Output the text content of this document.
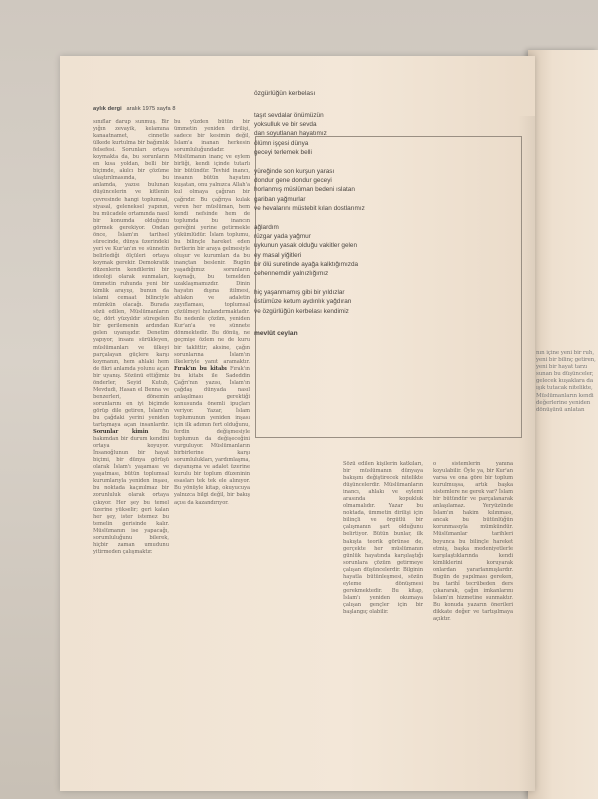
nın içine yeni bir ruh, yeni bir bilinç getiren, yeni bir hayat tarzı sunan bu düşünceler, gelecek kuşaklara da ışık tutacak nitelikte, Müslümanların kendi değerlerine yeniden dönüşünü anlatan
aylık dergi aralık 1975 sayfa 8
sınıflar darup sunmuş. Bir yığın zevayik, kelamına kanaatnamet, cinnetle ülkede kurtulma bir bağımlık felsefesi. Sorunları ortaya koymakta da, bu sorunların en kısa yoldan, belli bir biçimde, akılcı bir çözüme ulaştırılmasında, bu anlamda, yazısı bulunan düşüncelerin ve kitlenin çevresinde hangi toplumsal, siyasal, geleneksel yapının, bu mücadele ortamında nasıl bir konumda olduğunu görmek gerekiyor. Ondan önce, İslam'ın tarihsel sürecinde, dünya üzerindeki yeri ve Kur'an'ın ve sünnetin belirlediği ölçüleri ortaya koymak gerekir. Demokratik düzenlerin kendilerini bir ideoloji olarak sunmaları, ümmetin ruhunda yeni bir kimlik arayışı, bunun da islami cemaat bilinciyle mümkün olacağı. Burada sözü edilen, Müslümanların üç, dört yüzyıldır süregelen bir gerilemenin ardından gelen uyanışıdır. Denetim yapıyor, insanı sürükleyen, müslümanları ve ülkeyi parçalayan güçlere karşı koymanın, hem ahlaki hem de fikri anlamda yolunu açan bir uyanış. Sözünü ettiğimiz önderler, Seyid Kutub, Mevdudi, Hasan el Benna ve benzerleri, dönemin sorunlarını en iyi biçimde görüp dile getiren, İslam'ın bu çağdaki yerini yeniden tartışmaya açan insanlardır. Sorunlar kimin	Bu bakımdan bir durum kendini ortaya koyuyor. İnsanoğlunun bir hayat biçimi, bir dünya görüşü olarak İslam'ı yaşaması ve yaşatması, bütün toplumsal kurumlarıyla yeniden inşası, bu noktada kaçınılmaz bir zorunluluk olarak ortaya çıkıyor. Her şey bu temel üzerine yükselir; geri kalan her şey, ister istemez bu temelin gerisinde kalır. Müslümanın ise yapacağı, sorumluluğunu bilerek, hiçbir zaman umudunu yitirmeden çalışmaktır.
bu yüzden bütün bir ümmetin yeniden dirilişi, sadece bir kesimin değil, İslam'a inanan herkesin sorumluluğundadır. Müslümanın inanç ve eylem birliği, kendi içinde tutarlı bir bütündür. Tevhid inancı, insanın bütün hayatını kuşatan, onu yalnızca Allah'a kul olmaya çağıran bir çağrıdır. Bu çağrıya kulak veren her müslüman, hem kendi nefsinde hem de toplumda bu inancın gereğini yerine getirmekle yükümlüdür. İslam toplumu, bu bilinçle hareket eden fertlerin bir araya gelmesiyle oluşur ve kurumları da bu inançtan beslenir. Bugün yaşadığımız sorunların kaynağı, bu temelden uzaklaşmamızdır. Dinin hayatın dışına itilmesi, ahlakın ve adaletin zayıflaması, toplumsal çözülmeyi hızlandırmaktadır. Bu nedenle çözüm, yeniden Kur'an'a ve sünnete dönmektedir. Bu dönüş, ne geçmişe özlem ne de kuru bir taklittir; aksine, çağın sorunlarına İslam'ın ilkeleriyle yanıt aramaktır. Fırak'ın bu kitabı Fırak'ın bu kitabı ile Sadeddin Çağrı'nın yazısı, İslam'ın çağdaş dünyada nasıl anlaşılması gerektiği konusunda önemli ipuçları veriyor. Yazar, İslam toplumunun yeniden inşası için ilk adımın fert olduğunu, ferdin değişmesiyle toplumun da değişeceğini vurguluyor. Müslümanların birbirlerine karşı sorumlulukları, yardımlaşma, dayanışma ve adalet üzerine kurulu bir toplum düzeninin esasları tek tek ele alınıyor. Bu yönüyle kitap, okuyucuya yalnızca bilgi değil, bir bakış açısı da kazandırıyor.
Sözü edilen kişilerin katkıları, bir müslümanın dünyaya bakışını değiştirecek nitelikte düşüncelerdir. Müslümanların inancı, ahlakı ve eylemi arasında kopukluk olmamalıdır. Yazar bu noktada, ümmetin dirilişi için bilinçli ve örgütlü bir çalışmanın şart olduğunu belirtiyor. Bütün bunlar, ilk bakışta teorik görünse de, gerçekte her müslümanın günlük hayatında karşılaştığı sorunlara çözüm getirmeye çalışan düşüncelerdir. Bilginin hayatla bütünleşmesi, sözün eyleme dönüşmesi gerekmektedir. Bu kitap, İslam'ı yeniden okumaya çalışan gençler için bir başlangıç olabilir.
o sistemlerin yanına koyulabilir. Öyle ya, bir Kur'an varsa ve ona göre bir toplum kurulmuşsa, artık başka sistemlere ne gerek var? İslam bir bütündür ve parçalanarak anlaşılamaz. Yeryüzünde İslam'ın hakim kılınması, ancak bu bütünlüğün korunmasıyla mümkündür. Müslümanlar tarihleri boyunca bu bilinçle hareket etmiş, başka medeniyetlerle karşılaştıklarında kendi kimliklerini koruyarak onlardan yararlanmışlardır. Bugün de yapılması gereken, bu tarihî tecrübeden ders çıkararak, çağın imkanlarını İslam'ın hizmetine sunmaktır. Bu konuda yazarın önerileri dikkate değer ve tartışılmaya açıktır.
özgürlüğün kerbelası
taşıt sevdalar önümüzün
yoksulluk ve bir sevda
dan soyutlanan hayatımız
ölümn işçesi dünya
geceyi terlemek belli
yüreğinde son kurşun yarası
dondur gene dondur geceyi
horlanmış müslüman bedeni ıslatan
gariban yağmurlar
ve hevalarını müstebit kılan dostlarımız
ağlardım
rüzgar yada yağmur
uykunun yasak olduğu vakitler gelen
ey masal yiğitleri
bir ölü suretinde ayağa kalktığımızda
cehennemdir yalnızlığımız
hiç yaşanmamış gibi bir yıldızlar
üstümüze ketum aydınlık yağdıran
ve özgürlüğün kerbelası kendimiz
mevlüt ceylan
